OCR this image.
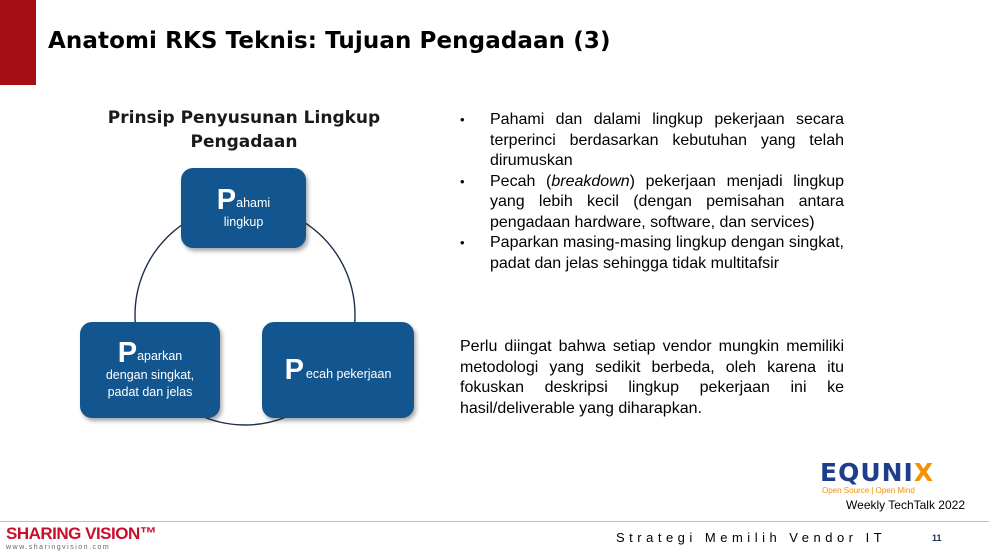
Anatomi RKS Teknis: Tujuan Pengadaan (3)
Prinsip Penyusunan Lingkup Pengadaan
P ahami
lingkup
P aparkan
dengan singkat,
padat dan jelas
P ecah pekerjaan
• Pahami dan dalami lingkup pekerjaan secara terperinci berdasarkan kebutuhan yang telah dirumuskan
• Pecah (breakdown) pekerjaan menjadi lingkup yang lebih kecil (dengan pemisahan antara pengadaan hardware, software, dan services)
• Paparkan masing-masing lingkup dengan singkat, padat dan jelas sehingga tidak multitafsir

Perlu diingat bahwa setiap vendor mungkin memiliki metodologi yang sedikit berbeda, oleh karena itu fokuskan deskripsi lingkup pekerjaan ini ke hasil/deliverable yang diharapkan.

EQUNIX
Open Source | Open Mind
Weekly TechTalk 2022
SHARING VISION™
www.sharingvision.com
Strategi Memilih Vendor IT	11
